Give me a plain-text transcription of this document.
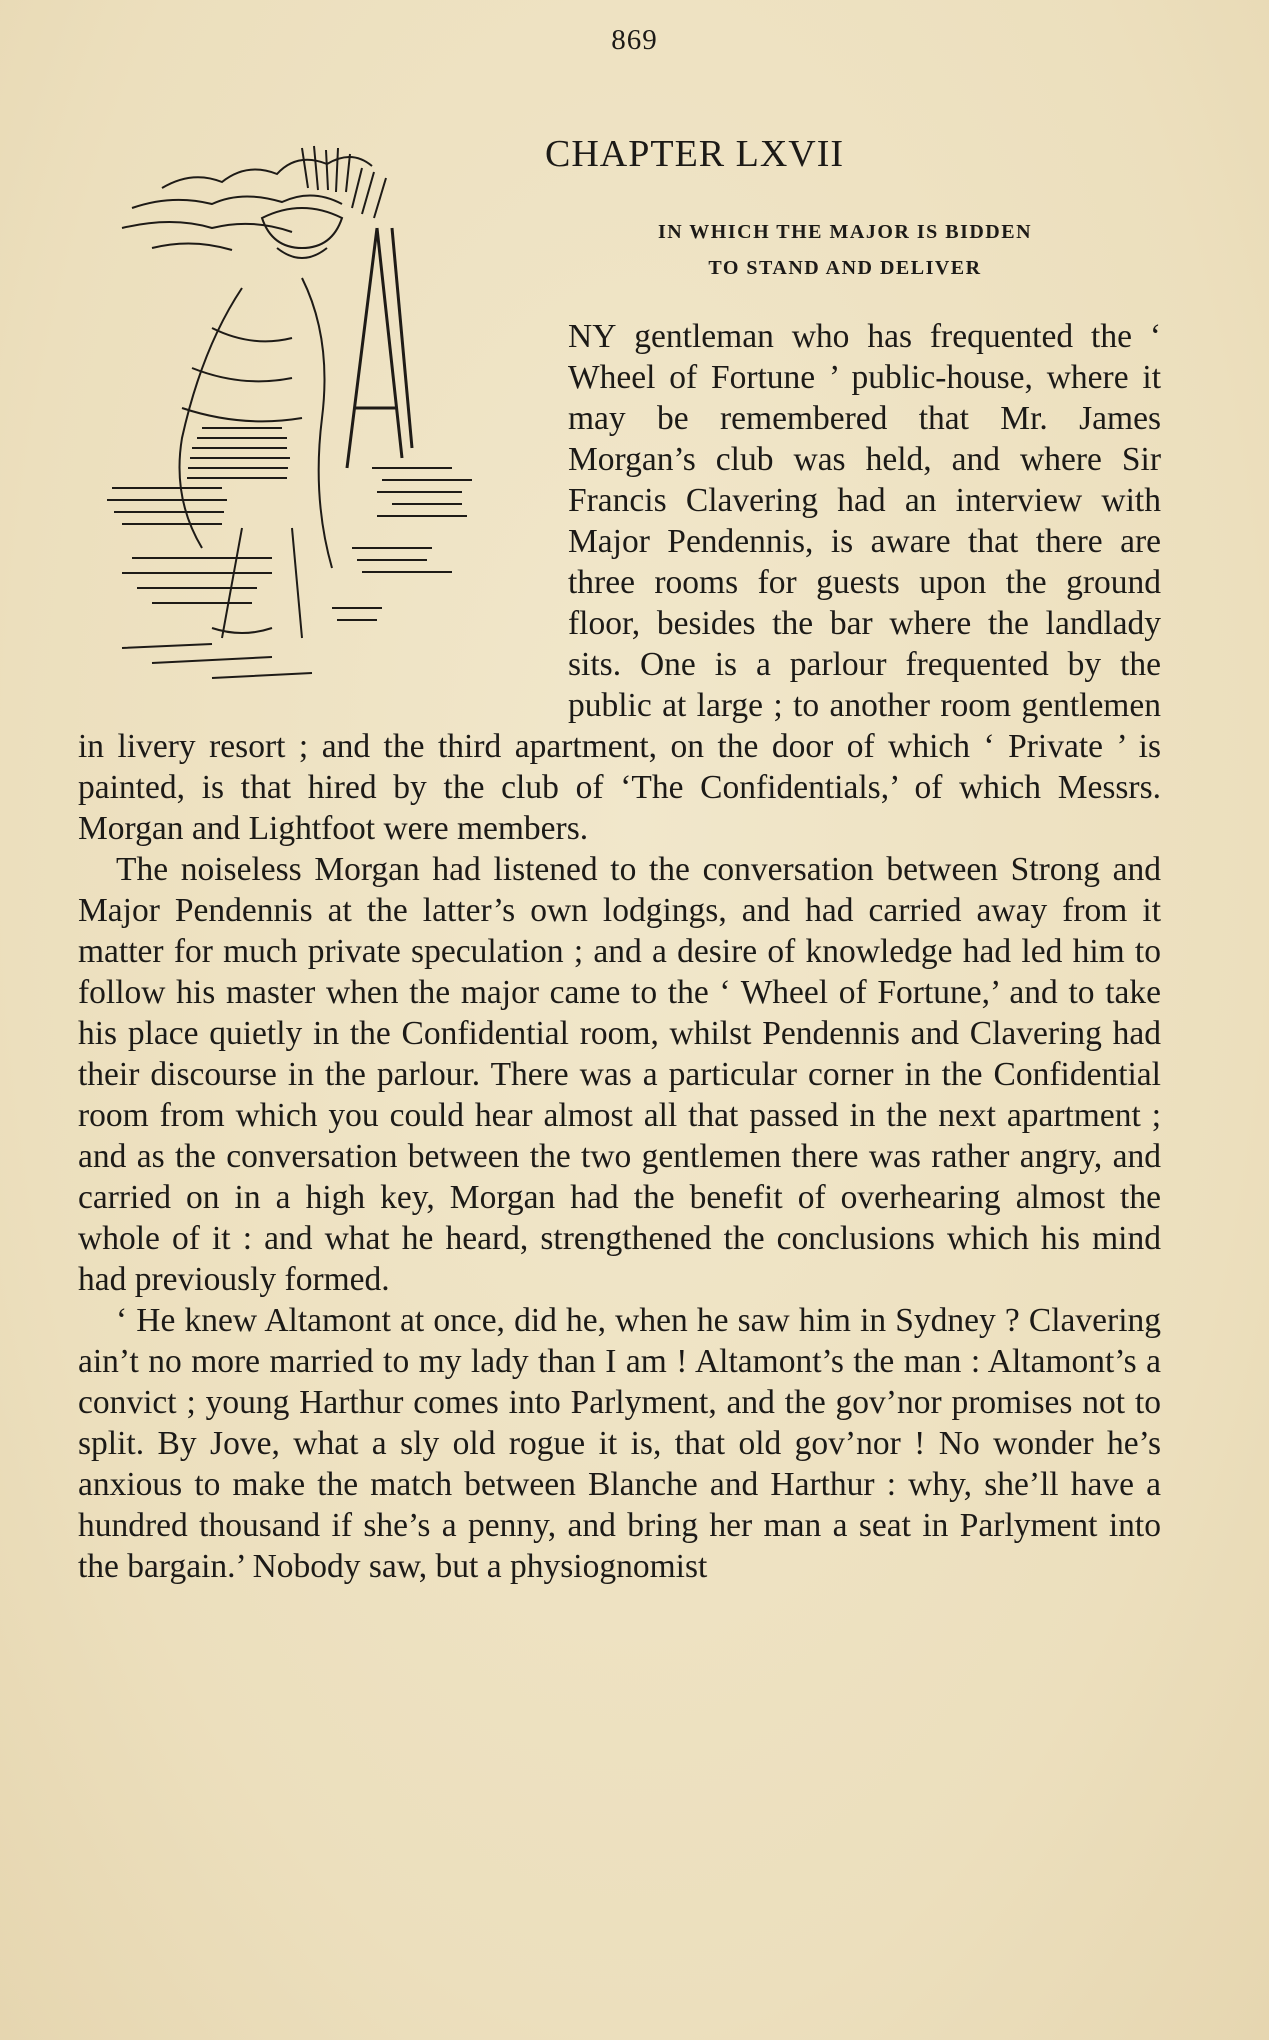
869
CHAPTER LXVII
IN WHICH THE MAJOR IS BIDDEN
TO STAND AND DELIVER

NY gentleman who has frequented the ‘ Wheel of Fortune ’ public-house, where it may be remembered that Mr. James Morgan’s club was held, and where Sir Francis Clavering had an interview with Major Pendennis, is aware that there are three rooms for guests upon the ground floor, besides the bar where the landlady sits. One is a parlour frequented by the public at large ; to another room gentlemen in livery resort ; and the third apartment, on the door of which ‘ Private ’ is painted, is that hired by the club of ‘The Confidentials,’ of which Messrs. Morgan and Lightfoot were members.

The noiseless Morgan had listened to the conversation between Strong and Major Pendennis at the latter’s own lodgings, and had carried away from it matter for much private speculation ; and a desire of knowledge had led him to follow his master when the major came to the ‘ Wheel of Fortune,’ and to take his place quietly in the Confidential room, whilst Pendennis and Clavering had their discourse in the parlour. There was a particular corner in the Confidential room from which you could hear almost all that passed in the next apartment ; and as the conversation between the two gentlemen there was rather angry, and carried on in a high key, Morgan had the benefit of overhearing almost the whole of it : and what he heard, strengthened the conclusions which his mind had previously formed.

‘ He knew Altamont at once, did he, when he saw him in Sydney ? Clavering ain’t no more married to my lady than I am ! Altamont’s the man : Altamont’s a convict ; young Harthur comes into Parlyment, and the gov’nor promises not to split. By Jove, what a sly old rogue it is, that old gov’nor ! No wonder he’s anxious to make the match between Blanche and Harthur : why, she’ll have a hundred thousand if she’s a penny, and bring her man a seat in Parlyment into the bargain.’ Nobody saw, but a physiognomist
